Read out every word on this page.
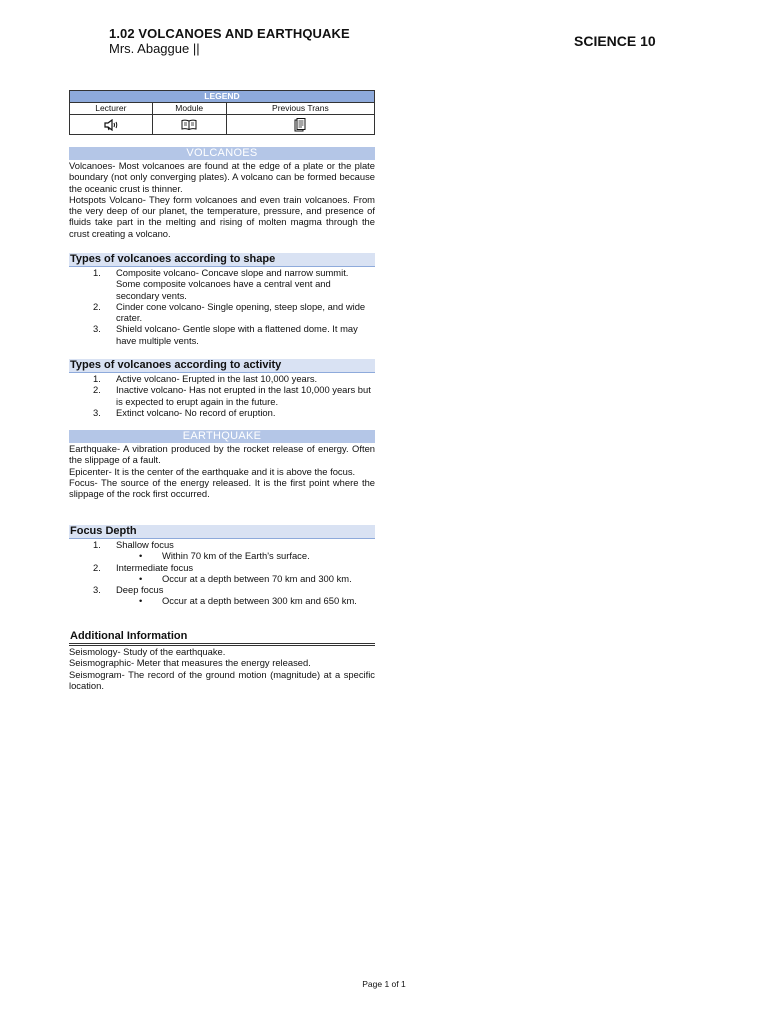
1.02 VOLCANOES AND EARTHQUAKE
Mrs. Abaggue ||	SCIENCE 10
LEGEND		
Lecturer	Module	Previous Trans

VOLCANOES

Volcanoes- Most volcanoes are found at the edge of a plate or the plate boundary (not only converging plates). A volcano can be formed because the oceanic crust is thinner.

Hotspots Volcano- They form volcanoes and even train volcanoes. From the very deep of our planet, the temperature, pressure, and presence of fluids take part in the melting and rising of molten magma through the crust creating a volcano.

Types of volcanoes according to shape
1. Composite volcano- Concave slope and narrow summit. Some composite volcanoes have a central vent and secondary vents.
2. Cinder cone volcano- Single opening, steep slope, and wide crater.
3. Shield volcano- Gentle slope with a flattened dome. It may have multiple vents.
Types of volcanoes according to activity
1. Active volcano- Erupted in the last 10,000 years.
2. Inactive volcano- Has not erupted in the last 10,000 years but is expected to erupt again in the future.
3. Extinct volcano- No record of eruption.
EARTHQUAKE

Earthquake- A vibration produced by the rocket release of energy. Often the slippage of a fault.

Epicenter- It is the center of the earthquake and it is above the focus.

Focus- The source of the energy released. It is the first point where the slippage of the rock first occurred.

Focus Depth
1. Shallow focus
• Within 70 km of the Earth's surface.
2. Intermediate focus
• Occur at a depth between 70 km and 300 km.
3. Deep focus
• Occur at a depth between 300 km and 650 km.
Additional Information

Seismology- Study of the earthquake.

Seismographic- Meter that measures the energy released.

Seismogram- The record of the ground motion (magnitude) at a specific location.

Page 1 of 1
